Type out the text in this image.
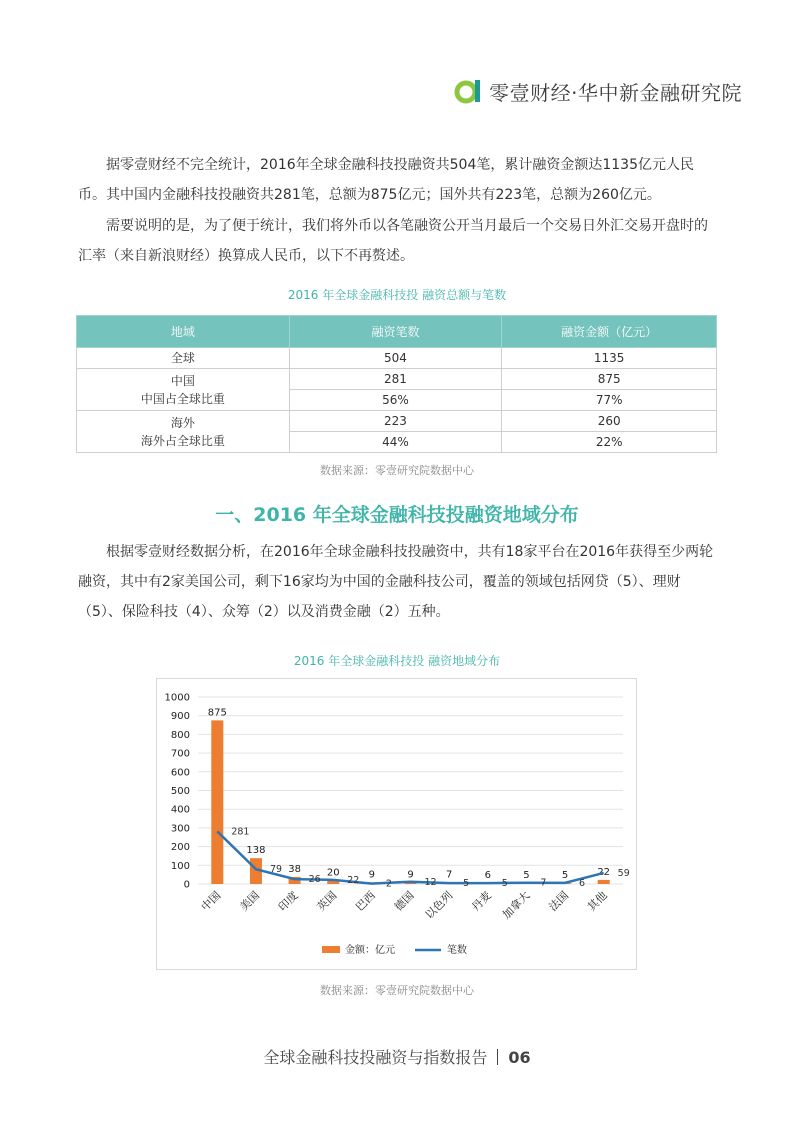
零壹财经·华中新金融研究院

据零壹财经不完全统计，2016年全球金融科技投融资共504笔，累计融资金额达1135亿元人民币。其中国内金融科技投融资共281笔，总额为875亿元；国外共有223笔，总额为260亿元。

需要说明的是，为了便于统计，我们将外币以各笔融资公开当月最后一个交易日外汇交易开盘时的汇率（来自新浪财经）换算成人民币，以下不再赘述。

2016 年全球金融科技投 融资总额与笔数
地域	融资笔数	融资金额（亿元）
全球	504	1135

中国
中国占全球比重	281	875
	56%	77%

海外
海外占全球比重	223	260
	44%	22%
数据来源：零壹研究院数据中心
一、2016 年全球金融科技投融资地域分布

根据零壹财经数据分析，在2016年全球金融科技投融资中，共有18家平台在2016年获得至少两轮融资，其中有2家美国公司，剩下16家均为中国的金融科技公司，覆盖的领域包括网贷（5）、理财（5）、保险科技（4）、众筹（2）以及消费金融（2）五种。

2016 年全球金融科技投 融资地域分布
0
100
200
300
400
500
600
700
800
900
1000
875
138
38	20	9	9	7	6	5	5	22
281
79
26	22	2	12	5	5	7	6
59
中国 美国 印度 英国 巴西 德国 以色列 丹麦 加拿大 法国 其他
金额：亿元	笔数
数据来源：零壹研究院数据中心
全球金融科技投融资与指数报告 06
